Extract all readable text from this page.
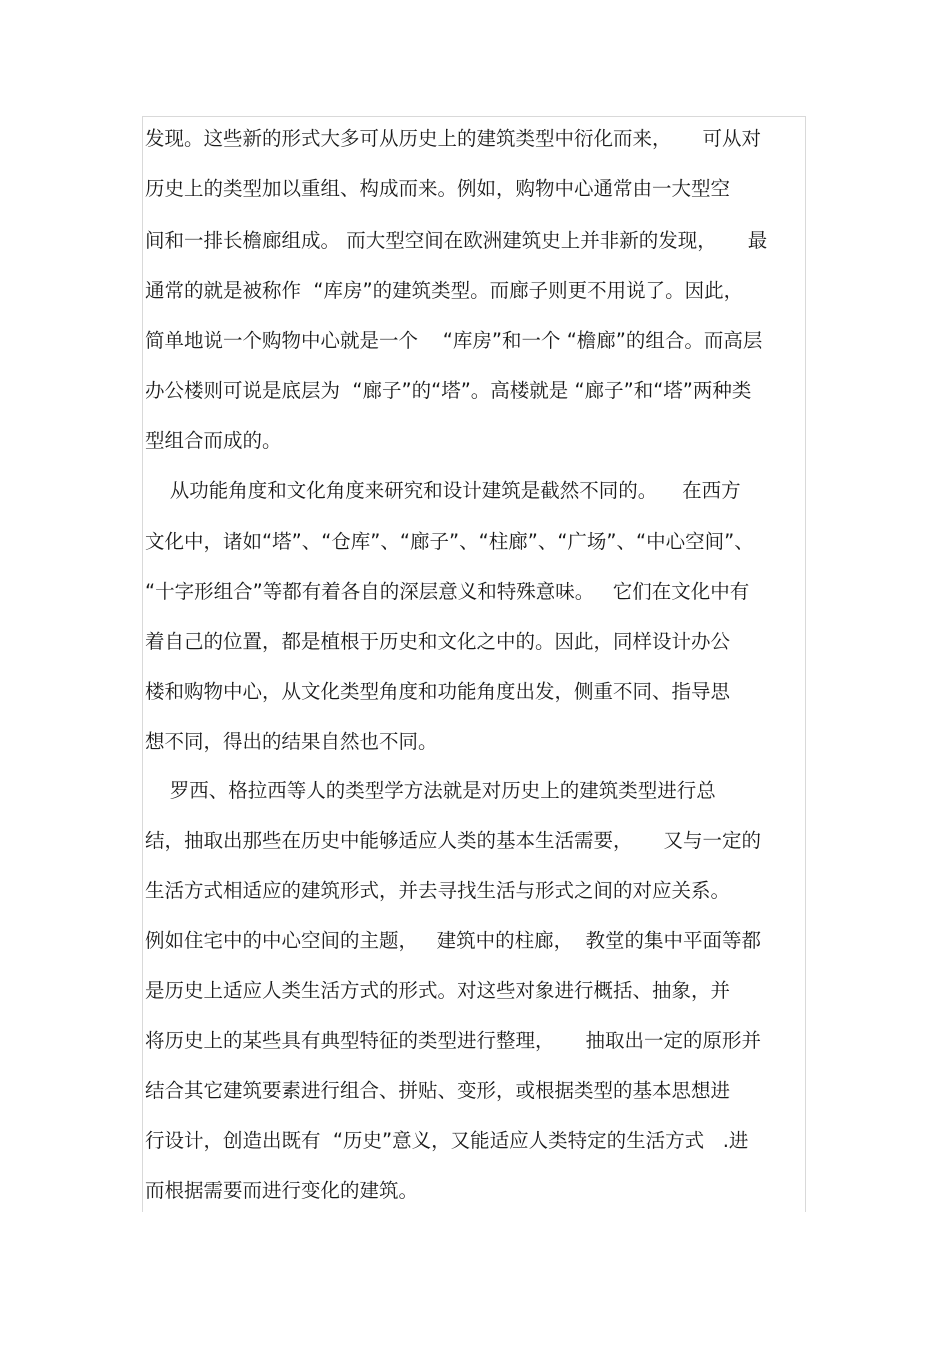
发现。这些新的形式大多可从历史上的建筑类型中衍化而来，     可从对
历史上的类型加以重组、构成而来。例如，购物中心通常由一大型空
间和一排长檐廊组成。 而大型空间在欧洲建筑史上并非新的发现，     最
通常的就是被称作  “库房”的建筑类型。而廊子则更不用说了。因此，
简单地说一个购物中心就是一个    “库房”和一个 “檐廊”的组合。而高层
办公楼则可说是底层为  “廊子”的“塔”。高楼就是 “廊子”和“塔”两种类
型组合而成的。
从功能角度和文化角度来研究和设计建筑是截然不同的。    在西方
文化中，诸如“塔”、“仓库”、“廊子”、“柱廊”、“广场”、“中心空间”、
“十字形组合”等都有着各自的深层意义和特殊意味。   它们在文化中有
着自己的位置，都是植根于历史和文化之中的。因此，同样设计办公
楼和购物中心，从文化类型角度和功能角度出发，侧重不同、指导思
想不同，得出的结果自然也不同。
罗西、格拉西等人的类型学方法就是对历史上的建筑类型进行总
结，抽取出那些在历史中能够适应人类的基本生活需要，     又与一定的
生活方式相适应的建筑形式，并去寻找生活与形式之间的对应关系。
例如住宅中的中心空间的主题，   建筑中的柱廊，  教堂的集中平面等都
是历史上适应人类生活方式的形式。对这些对象进行概括、抽象，并
将历史上的某些具有典型特征的类型进行整理，     抽取出一定的原形并
结合其它建筑要素进行组合、拼贴、变形，或根据类型的基本思想进
行设计，创造出既有  “历史”意义，又能适应人类特定的生活方式   .进
而根据需要而进行变化的建筑。
